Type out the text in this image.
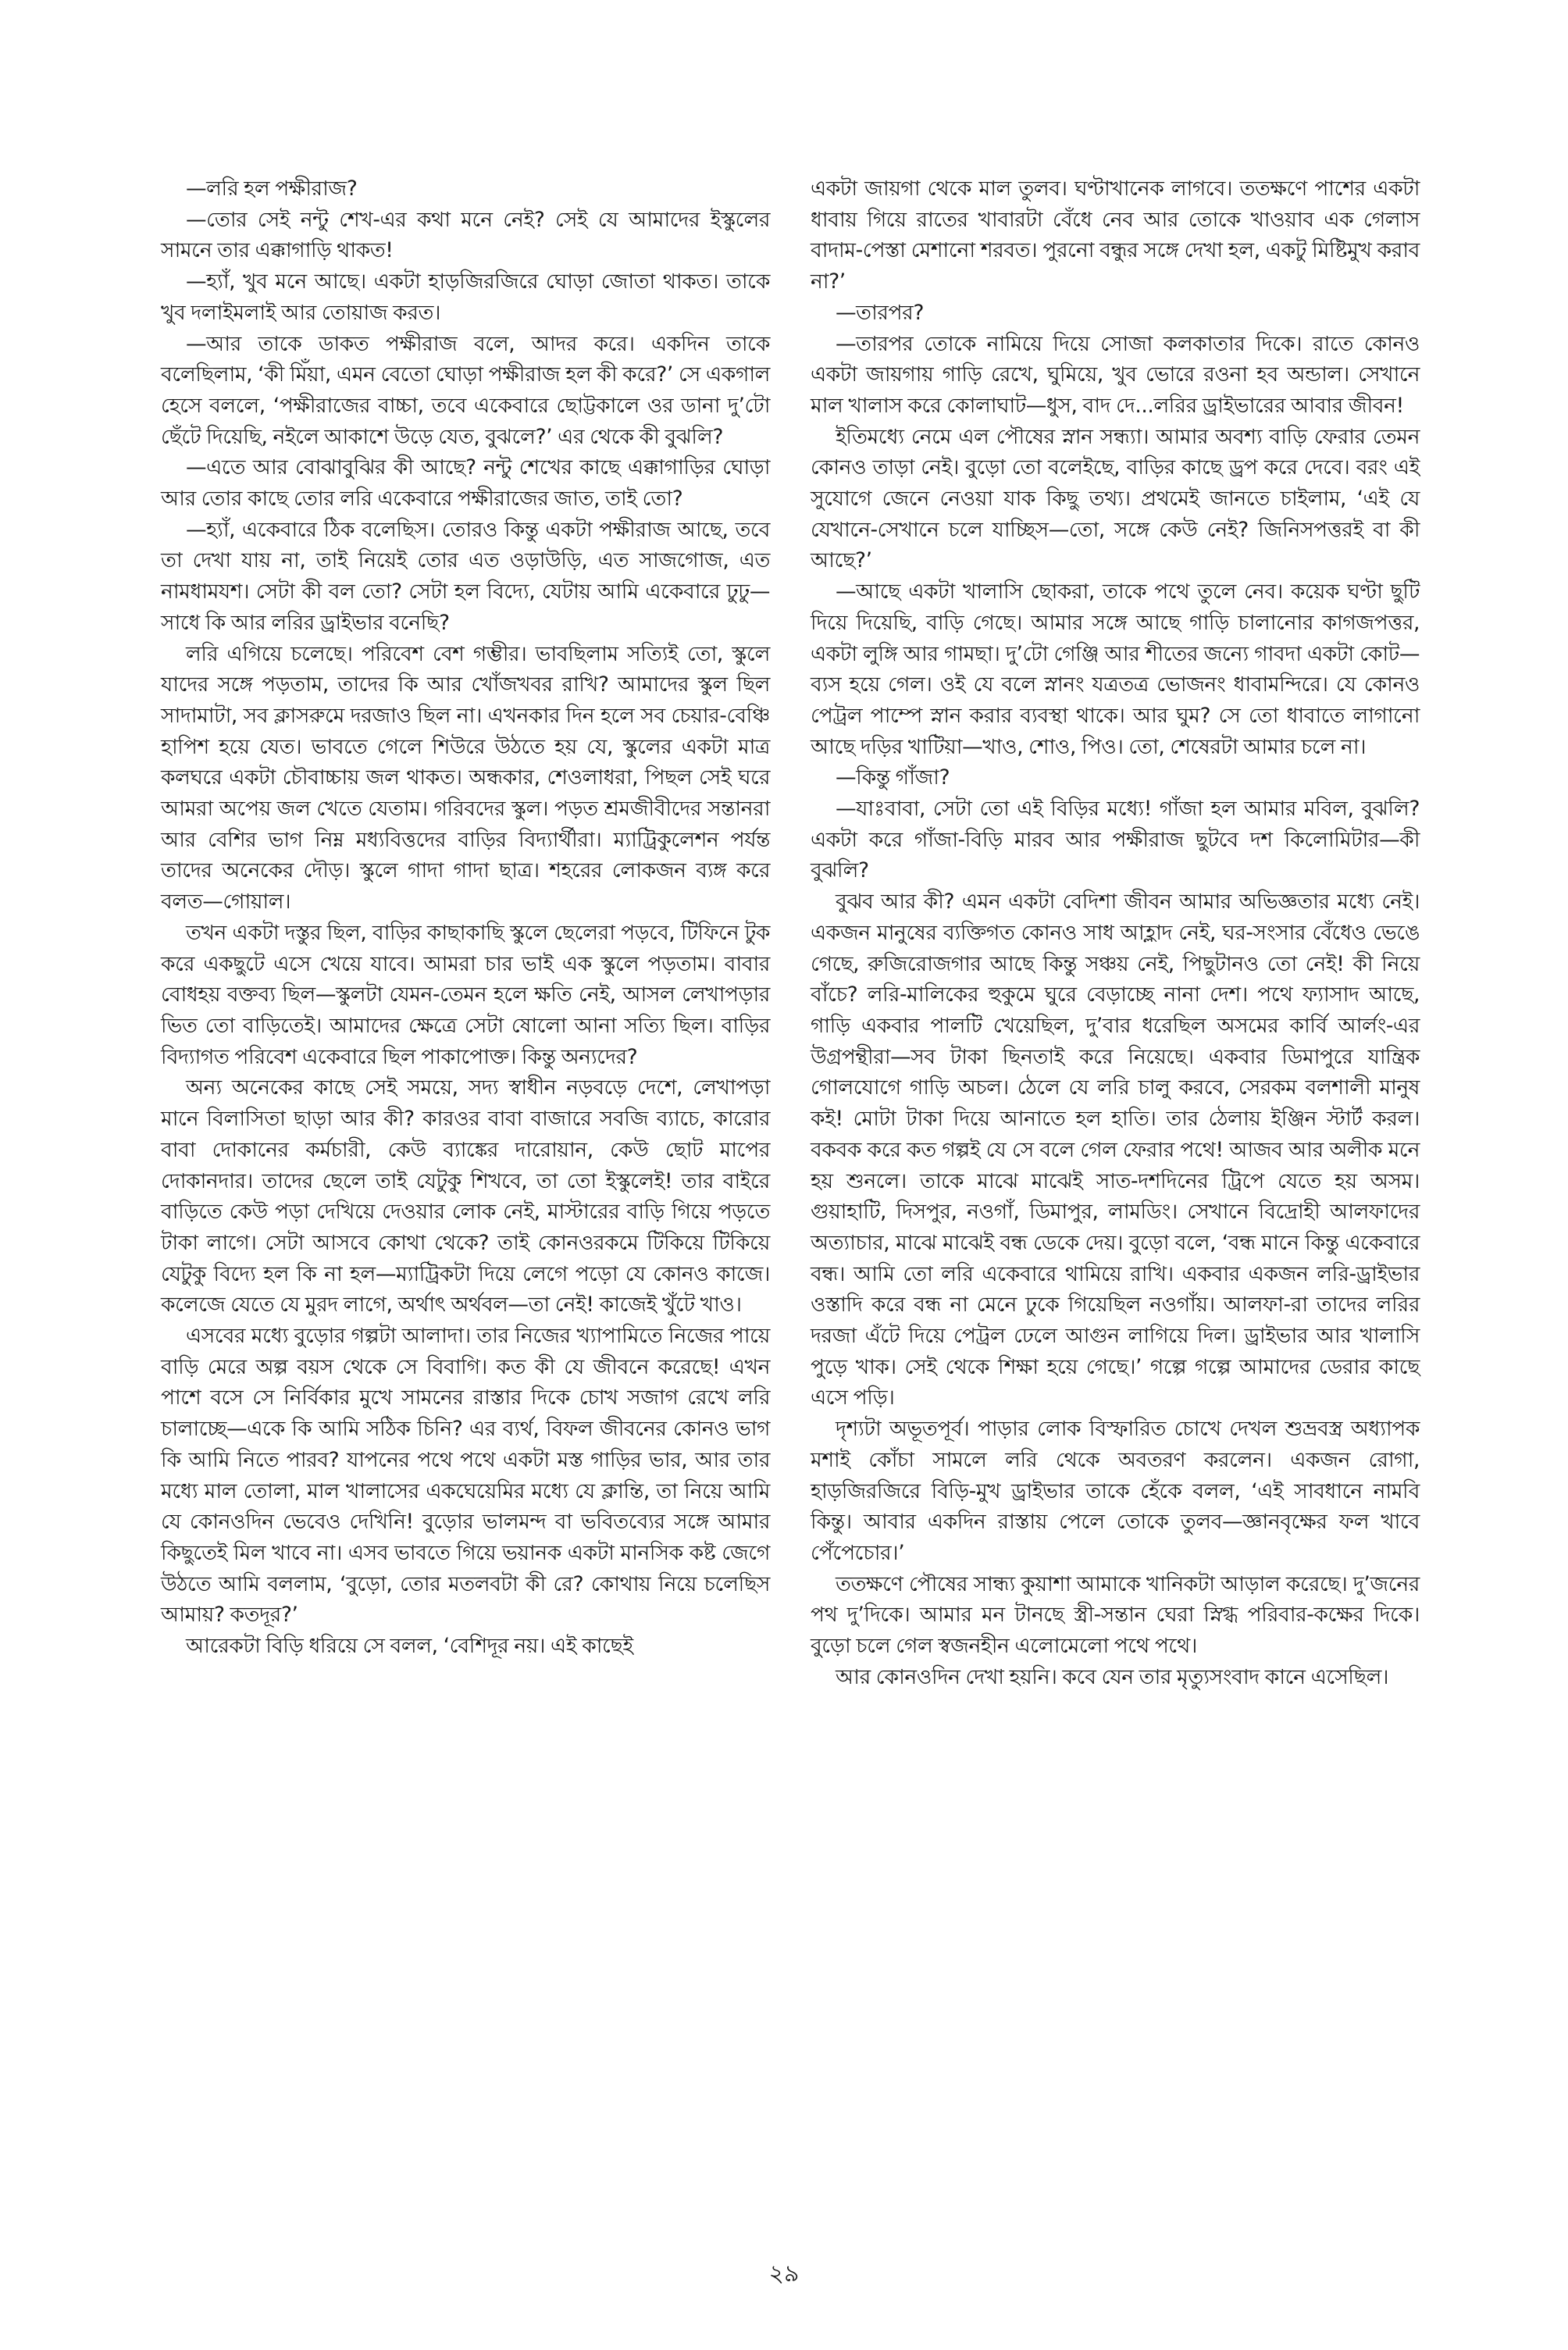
—লরি হল পক্ষীরাজ?

—তোর সেই নন্টু শেখ-এর কথা মনে নেই? সেই যে আমাদের ইস্কুলের সামনে তার এক্কাগাড়ি থাকত!

—হ্যাঁ, খুব মনে আছে। একটা হাড়জিরজিরে ঘোড়া জোতা থাকত। তাকে খুব দলাইমলাই আর তোয়াজ করত।

—আর তাকে ডাকত পক্ষীরাজ বলে, আদর করে। একদিন তাকে বলেছিলাম, ‘কী মিঁয়া, এমন বেতো ঘোড়া পক্ষীরাজ হল কী করে?’ সে একগাল হেসে বললে, ‘পক্ষীরাজের বাচ্চা, তবে একেবারে ছোট্টকালে ওর ডানা দু’টো ছেঁটে দিয়েছি, নইলে আকাশে উড়ে যেত, বুঝলে?’ এর থেকে কী বুঝলি?

—এতে আর বোঝাবুঝির কী আছে? নন্টু শেখের কাছে এক্কাগাড়ির ঘোড়া আর তোর কাছে তোর লরি একেবারে পক্ষীরাজের জাত, তাই তো?

—হ্যাঁ, একেবারে ঠিক বলেছিস। তোরও কিন্তু একটা পক্ষীরাজ আছে, তবে তা দেখা যায় না, তাই নিয়েই তোর এত ওড়াউড়ি, এত সাজগোজ, এত নামধামযশ। সেটা কী বল তো? সেটা হল বিদ্যে, যেটায় আমি একেবারে ঢুঢু—সাধে কি আর লরির ড্রাইভার বনেছি?

লরি এগিয়ে চলেছে। পরিবেশ বেশ গম্ভীর। ভাবছিলাম সত্যিই তো, স্কুলে যাদের সঙ্গে পড়তাম, তাদের কি আর খোঁজখবর রাখি? আমাদের স্কুল ছিল সাদামাটা, সব ক্লাসরুমে দরজাও ছিল না। এখনকার দিন হলে সব চেয়ার-বেঞ্চি হাপিশ হয়ে যেত। ভাবতে গেলে শিউরে উঠতে হয় যে, স্কুলের একটা মাত্র কলঘরে একটা চৌবাচ্চায় জল থাকত। অন্ধকার, শেওলাধরা, পিছল সেই ঘরে আমরা অপেয় জল খেতে যেতাম। গরিবদের স্কুল। পড়ত শ্রমজীবীদের সন্তানরা আর বেশির ভাগ নিম্ন মধ্যবিত্তদের বাড়ির বিদ্যার্থীরা। ম্যাট্রিকুলেশন পর্যন্ত তাদের অনেকের দৌড়। স্কুলে গাদা গাদা ছাত্র। শহরের লোকজন ব্যঙ্গ করে বলত—গোয়াল।

তখন একটা দস্তুর ছিল, বাড়ির কাছাকাছি স্কুলে ছেলেরা পড়বে, টিফিনে টুক করে একছুটে এসে খেয়ে যাবে। আমরা চার ভাই এক স্কুলে পড়তাম। বাবার বোধহয় বক্তব্য ছিল—স্কুলটা যেমন-তেমন হলে ক্ষতি নেই, আসল লেখাপড়ার ভিত তো বাড়িতেই। আমাদের ক্ষেত্রে সেটা ষোলো আনা সত্যি ছিল। বাড়ির বিদ্যাগত পরিবেশ একেবারে ছিল পাকাপোক্ত। কিন্তু অন্যদের?

অন্য অনেকের কাছে সেই সময়ে, সদ্য স্বাধীন নড়বড়ে দেশে, লেখাপড়া মানে বিলাসিতা ছাড়া আর কী? কারওর বাবা বাজারে সবজি ব্যাচে, কারোর বাবা দোকানের কর্মচারী, কেউ ব্যাঙ্কের দারোয়ান, কেউ ছোট মাপের দোকানদার। তাদের ছেলে তাই যেটুকু শিখবে, তা তো ইস্কুলেই! তার বাইরে বাড়িতে কেউ পড়া দেখিয়ে দেওয়ার লোক নেই, মাস্টারের বাড়ি গিয়ে পড়তে টাকা লাগে। সেটা আসবে কোথা থেকে? তাই কোনওরকমে টিকিয়ে টিকিয়ে যেটুকু বিদ্যে হল কি না হল—ম্যাট্রিকটা দিয়ে লেগে পড়ো যে কোনও কাজে। কলেজে যেতে যে মুরদ লাগে, অর্থাৎ অর্থবল—তা নেই! কাজেই খুঁটে খাও।

এসবের মধ্যে বুড়োর গল্পটা আলাদা। তার নিজের খ্যাপামিতে নিজের পায়ে বাড়ি মেরে অল্প বয়স থেকে সে বিবাগি। কত কী যে জীবনে করেছে! এখন পাশে বসে সে নির্বিকার মুখে সামনের রাস্তার দিকে চোখ সজাগ রেখে লরি চালাচ্ছে—একে কি আমি সঠিক চিনি? এর ব্যর্থ, বিফল জীবনের কোনও ভাগ কি আমি নিতে পারব? যাপনের পথে পথে একটা মস্ত গাড়ির ভার, আর তার মধ্যে মাল তোলা, মাল খালাসের একঘেয়েমির মধ্যে যে ক্লান্তি, তা নিয়ে আমি যে কোনওদিন ভেবেও দেখিনি! বুড়োর ভালমন্দ বা ভবিতব্যের সঙ্গে আমার কিছুতেই মিল খাবে না। এসব ভাবতে গিয়ে ভয়ানক একটা মানসিক কষ্ট জেগে উঠতে আমি বললাম, ‘বুড়ো, তোর মতলবটা কী রে? কোথায় নিয়ে চলেছিস আমায়? কতদূর?’

আরেকটা বিড়ি ধরিয়ে সে বলল, ‘বেশিদূর নয়। এই কাছেই

একটা জায়গা থেকে মাল তুলব। ঘণ্টাখানেক লাগবে। ততক্ষণে পাশের একটা ধাবায় গিয়ে রাতের খাবারটা বেঁধে নেব আর তোকে খাওয়াব এক গেলাস বাদাম-পেস্তা মেশানো শরবত। পুরনো বন্ধুর সঙ্গে দেখা হল, একটু মিষ্টিমুখ করাব না?’

—তারপর?

—তারপর তোকে নামিয়ে দিয়ে সোজা কলকাতার দিকে। রাতে কোনও একটা জায়গায় গাড়ি রেখে, ঘুমিয়ে, খুব ভোরে রওনা হব অন্ডাল। সেখানে মাল খালাস করে কোলাঘাট—ধুস, বাদ দে...লরির ড্রাইভারের আবার জীবন!

ইতিমধ্যে নেমে এল পৌষের স্নান সন্ধ্যা। আমার অবশ্য বাড়ি ফেরার তেমন কোনও তাড়া নেই। বুড়ো তো বলেইছে, বাড়ির কাছে ড্রপ করে দেবে। বরং এই সুযোগে জেনে নেওয়া যাক কিছু তথ্য। প্রথমেই জানতে চাইলাম, ‘এই যে যেখানে-সেখানে চলে যাচ্ছিস—তো, সঙ্গে কেউ নেই? জিনিসপত্তরই বা কী আছে?’

—আছে একটা খালাসি ছোকরা, তাকে পথে তুলে নেব। কয়েক ঘণ্টা ছুটি দিয়ে দিয়েছি, বাড়ি গেছে। আমার সঙ্গে আছে গাড়ি চালানোর কাগজপত্তর, একটা লুঙ্গি আর গামছা। দু’টো গেঞ্জি আর শীতের জন্যে গাবদা একটা কোট—ব্যস হয়ে গেল। ওই যে বলে স্নানং যত্রতত্র ভোজনং ধাবামন্দিরে। যে কোনও পেট্রল পাম্পে স্নান করার ব্যবস্থা থাকে। আর ঘুম? সে তো ধাবাতে লাগানো আছে দড়ির খাটিয়া—খাও, শোও, পিও। তো, শেষেরটা আমার চলে না।

—কিন্তু গাঁজা?

—যাঃবাবা, সেটা তো এই বিড়ির মধ্যে! গাঁজা হল আমার মবিল, বুঝলি? একটা করে গাঁজা-বিড়ি মারব আর পক্ষীরাজ ছুটবে দশ কিলোমিটার—কী বুঝলি?

বুঝব আর কী? এমন একটা বেদিশা জীবন আমার অভিজ্ঞতার মধ্যে নেই। একজন মানুষের ব্যক্তিগত কোনও সাধ আহ্লাদ নেই, ঘর-সংসার বেঁধেও ভেঙে গেছে, রুজিরোজগার আছে কিন্তু সঞ্চয় নেই, পিছুটানও তো নেই! কী নিয়ে বাঁচে? লরি-মালিকের হুকুমে ঘুরে বেড়াচ্ছে নানা দেশ। পথে ফ্যাসাদ আছে, গাড়ি একবার পালটি খেয়েছিল, দু’বার ধরেছিল অসমের কার্বি আর্লং-এর উগ্রপন্থীরা—সব টাকা ছিনতাই করে নিয়েছে। একবার ডিমাপুরে যান্ত্রিক গোলযোগে গাড়ি অচল। ঠেলে যে লরি চালু করবে, সেরকম বলশালী মানুষ কই! মোটা টাকা দিয়ে আনাতে হল হাতি। তার ঠেলায় ইঞ্জিন স্টার্ট করল। বকবক করে কত গল্পই যে সে বলে গেল ফেরার পথে! আজব আর অলীক মনে হয় শুনলে। তাকে মাঝে মাঝেই সাত-দশদিনের ট্রিপে যেতে হয় অসম। গুয়াহাটি, দিসপুর, নওগাঁ, ডিমাপুর, লামডিং। সেখানে বিদ্রোহী আলফাদের অত্যাচার, মাঝে মাঝেই বন্ধ ডেকে দেয়। বুড়ো বলে, ‘বন্ধ মানে কিন্তু একেবারে বন্ধ। আমি তো লরি একেবারে থামিয়ে রাখি। একবার একজন লরি-ড্রাইভার ওস্তাদি করে বন্ধ না মেনে ঢুকে গিয়েছিল নওগাঁয়। আলফা-রা তাদের লরির দরজা এঁটে দিয়ে পেট্রল ঢেলে আগুন লাগিয়ে দিল। ড্রাইভার আর খালাসি পুড়ে খাক। সেই থেকে শিক্ষা হয়ে গেছে।’ গল্পে গল্পে আমাদের ডেরার কাছে এসে পড়ি।

দৃশ্যটা অভূতপূর্ব। পাড়ার লোক বিস্ফারিত চোখে দেখল শুভ্রবস্ত্র অধ্যাপক মশাই কোঁচা সামলে লরি থেকে অবতরণ করলেন। একজন রোগা, হাড়জিরজিরে বিড়ি-মুখ ড্রাইভার তাকে হেঁকে বলল, ‘এই সাবধানে নামবি কিন্তু। আবার একদিন রাস্তায় পেলে তোকে তুলব—জ্ঞানবৃক্ষের ফল খাবে পেঁপেচোর।’

ততক্ষণে পৌষের সান্ধ্য কুয়াশা আমাকে খানিকটা আড়াল করেছে। দু’জনের পথ দু’দিকে। আমার মন টানছে স্ত্রী-সন্তান ঘেরা স্নিগ্ধ পরিবার-কক্ষের দিকে। বুড়ো চলে গেল স্বজনহীন এলোমেলো পথে পথে।

আর কোনওদিন দেখা হয়নি। কবে যেন তার মৃত্যুসংবাদ কানে এসেছিল।

২৯
